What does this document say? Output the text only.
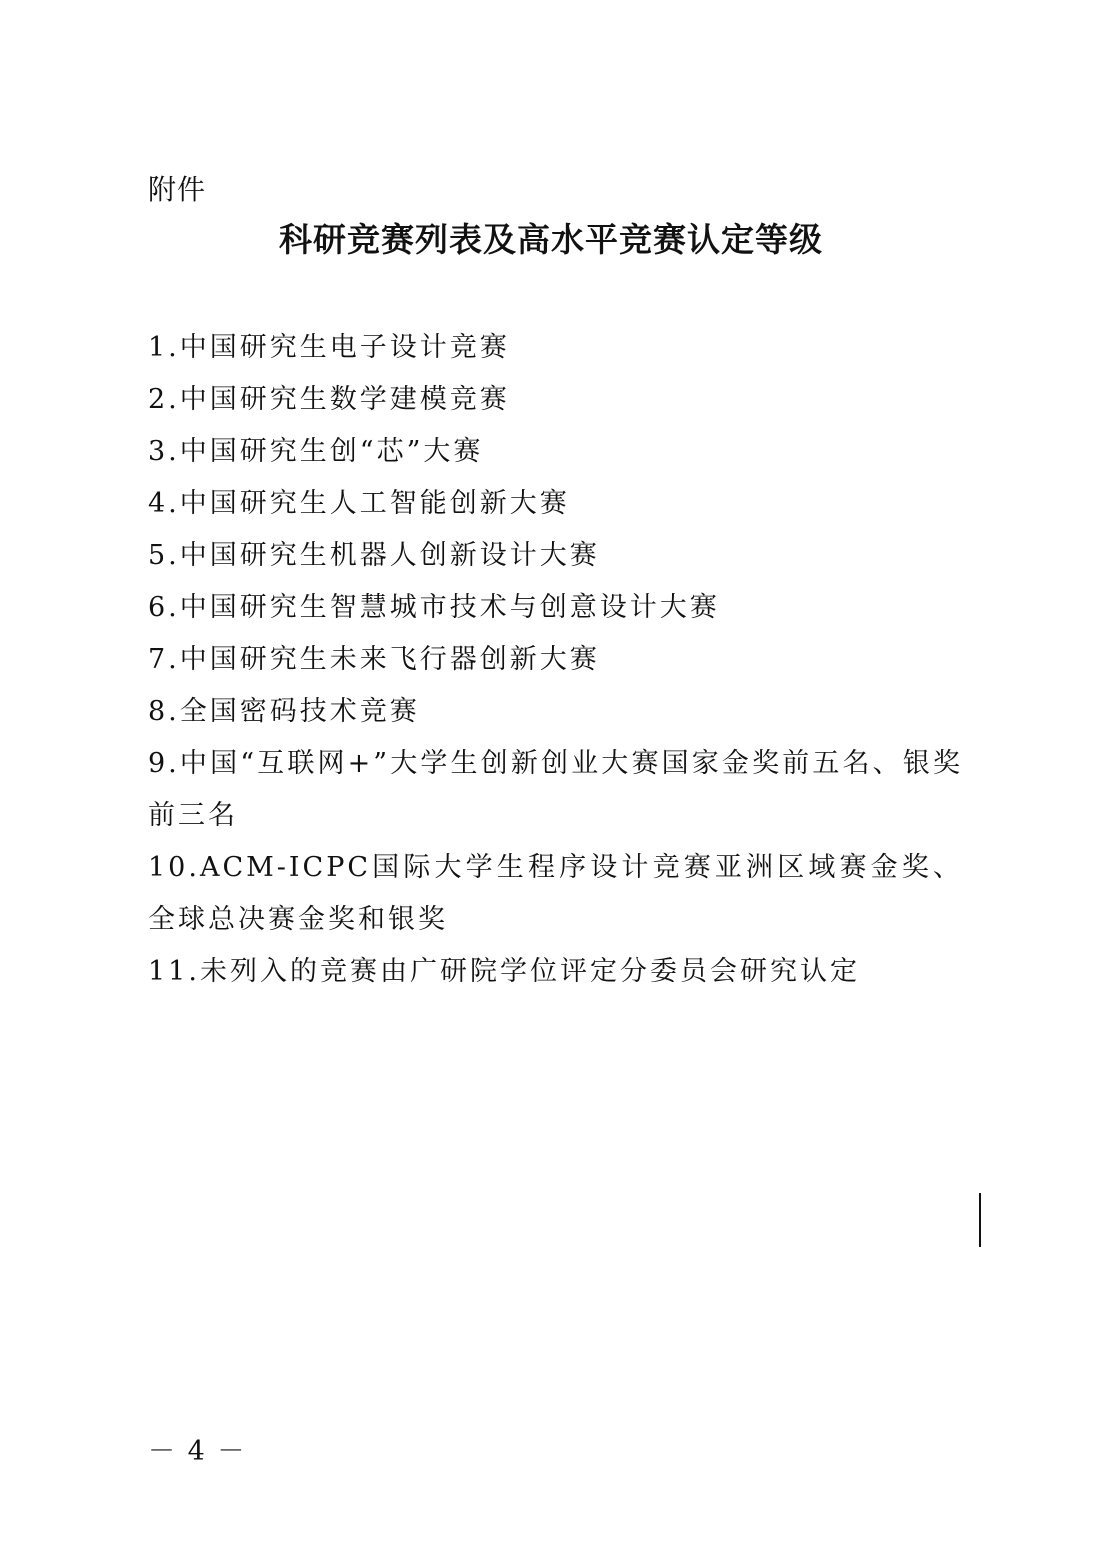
附件
科研竞赛列表及高水平竞赛认定等级
1.中国研究生电子设计竞赛
2.中国研究生数学建模竞赛
3.中国研究生创“芯”大赛
4.中国研究生人工智能创新大赛
5.中国研究生机器人创新设计大赛
6.中国研究生智慧城市技术与创意设计大赛
7.中国研究生未来飞行器创新大赛
8.全国密码技术竞赛
9.中国“互联网+”大学生创新创业大赛国家金奖前五名、银奖前三名
10.ACM-ICPC国际大学生程序设计竞赛亚洲区域赛金奖、全球总决赛金奖和银奖
11.未列入的竞赛由广研院学位评定分委员会研究认定
－ 4 －
